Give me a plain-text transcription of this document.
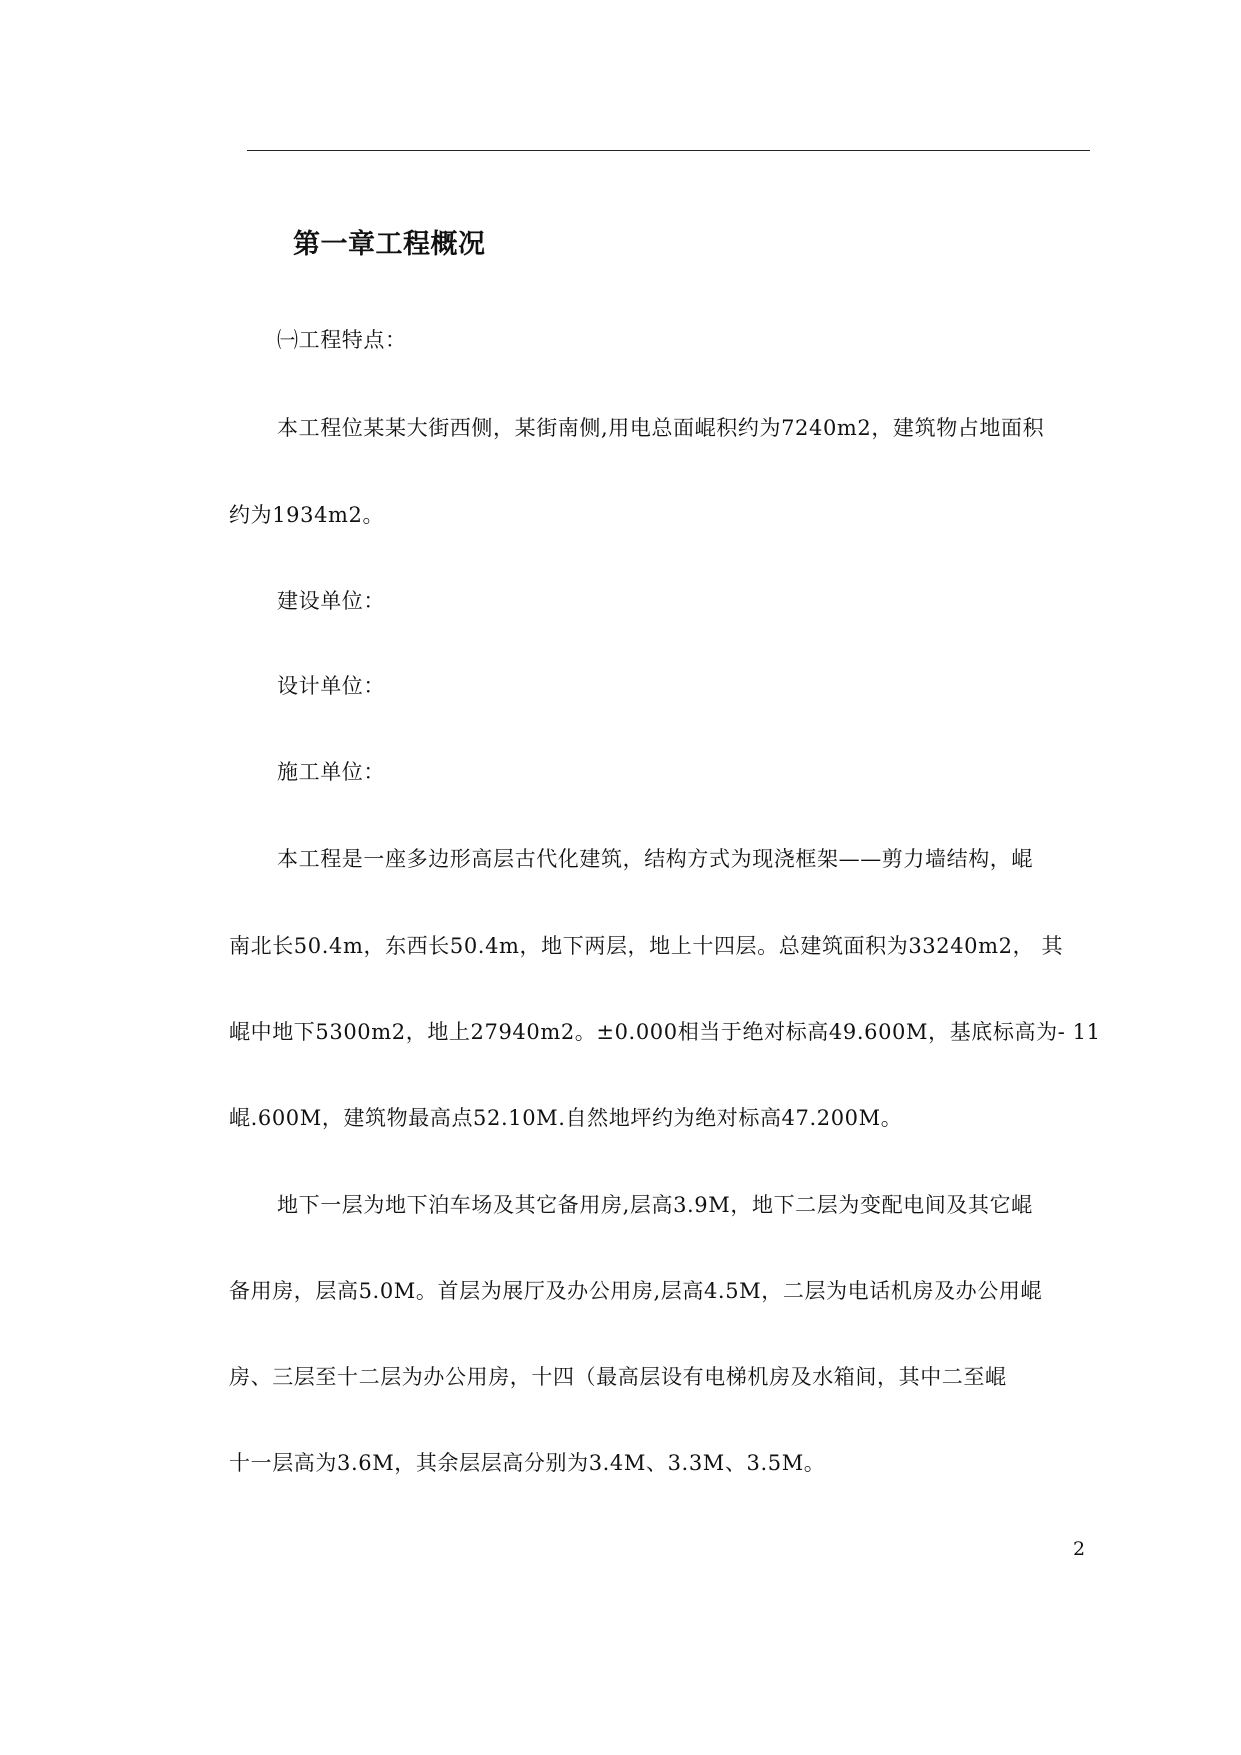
第一章工程概况
㈠工程特点：
本工程位某某大街西侧，某街南侧,用电总面崐积约为7240m2，建筑物占地面积
约为1934m2。
建设单位：
设计单位：
施工单位：
本工程是一座多边形高层古代化建筑，结构方式为现浇框架——剪力墙结构，崐
南北长50.4m，东西长50.4m，地下两层，地上十四层。总建筑面积为33240m2， 其
崐中地下5300m2，地上27940m2。±0.000相当于绝对标高49.600M，基底标高为- 11
崐.600M，建筑物最高点52.10M.自然地坪约为绝对标高47.200M。
地下一层为地下泊车场及其它备用房,层高3.9M，地下二层为变配电间及其它崐
备用房，层高5.0M。首层为展厅及办公用房,层高4.5M，二层为电话机房及办公用崐
房、三层至十二层为办公用房，十四（最高层设有电梯机房及水箱间，其中二至崐
十一层高为3.6M，其余层层高分别为3.4M、3.3M、3.5M。
2
